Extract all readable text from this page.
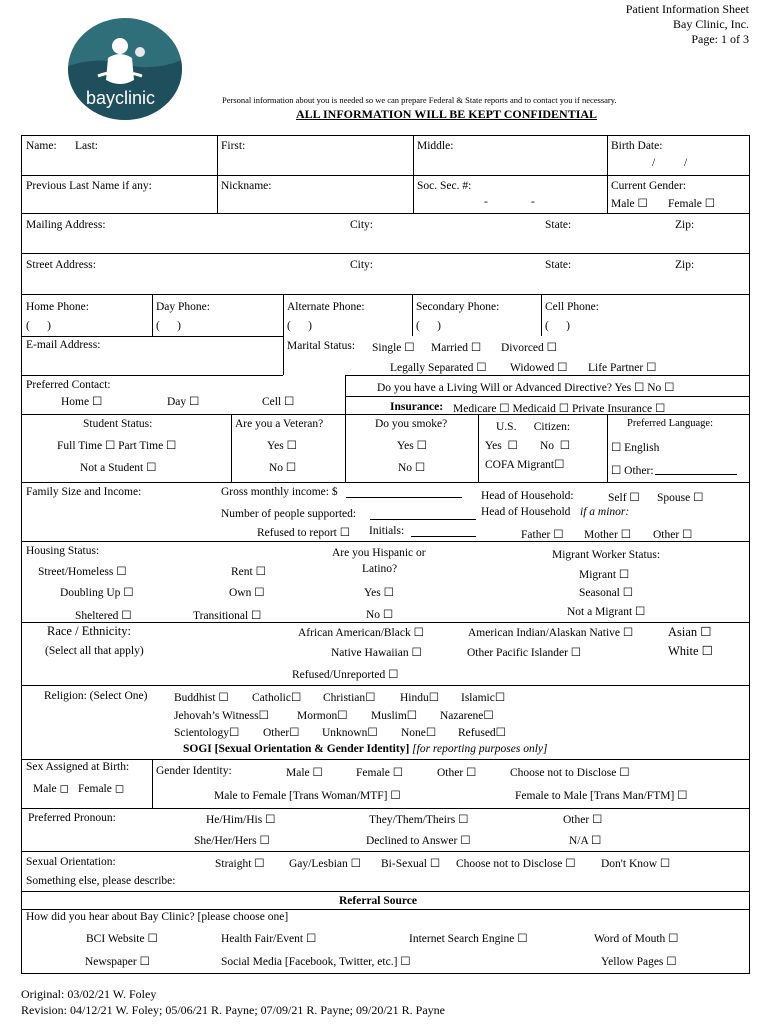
bayclinic
Patient Information Sheet
Bay Clinic, Inc.
Page: 1 of 3
Personal information about you is needed so we can prepare Federal & State reports and to contact you if necessary.
ALL INFORMATION WILL BE KEPT CONFIDENTIAL
Name: Last:	First:	Middle:	Birth Date:
/          /
Previous Last Name if any:	Nickname:	Soc. Sec. #:
-               -
Current Gender:
Male ☐ Female ☐
Mailing Address:	City:	State:	Zip:
Street Address:	City:	State:	Zip:
Home Phone:
(      )
Day Phone:
(      )
Alternate Phone:
(      )
Secondary Phone:
(      )
Cell Phone:
(      )
E-mail Address:	Marital Status: Single ☐ Married ☐ Divorced ☐
Legally Separated ☐ Widowed ☐ Life Partner ☐
Preferred Contact:
Home ☐	Day ☐	Cell ☐
Do you have a Living Will or Advanced Directive? Yes ☐ No ☐
Insurance: Medicare ☐ Medicaid ☐ Private Insurance ☐
Student Status:
Full Time ☐ Part Time ☐
Not a Student ☐
Are you a Veteran?
Yes ☐
No ☐
Do you smoke?
Yes ☐
No ☐
U.S.      Citizen:
Yes  ☐ No  ☐
COFA Migrant☐
Preferred Language:
☐ English
☐ Other:
Family Size and Income:	Gross monthly income: $
Number of people supported:
Refused to report ☐ Initials:
Head of Household:	Self ☐ Spouse ☐
Head of Household if a minor:
Father ☐ Mother ☐ Other ☐
Housing Status:
Street/Homeless ☐	Rent ☐
Doubling Up ☐	Own ☐
Sheltered ☐	Transitional ☐
Are you Hispanic or
Latino?
Yes ☐
No ☐
Migrant Worker Status:
Migrant ☐
Seasonal ☐
Not a Migrant ☐
Race / Ethnicity:
(Select all that apply)
African American/Black ☐	American Indian/Alaskan Native ☐	Asian ☐
Native Hawaiian ☐	Other Pacific Islander ☐	White ☐
Refused/Unreported ☐
Religion: (Select One) Buddhist ☐ Catholic☐ Christian☐ Hindu☐ Islamic☐
Jehovah’s Witness☐ Mormon☐ Muslim☐ Nazarene☐
Scientology☐ Other☐ Unknown☐ None☐ Refused☐
SOGI [Sexual Orientation & Gender Identity] [for reporting purposes only]
Sex Assigned at Birth:
Male ◻ Female ◻
Gender Identity:	Male ☐	Female ☐	Other ☐	Choose not to Disclose ☐
Male to Female [Trans Woman/MTF] ☐	Female to Male [Trans Man/FTM] ☐
Preferred Pronoun:	He/Him/His ☐	They/Them/Theirs ☐	Other ☐
She/Her/Hers ☐	Declined to Answer ☐	N/A ☐
Sexual Orientation:	Straight ☐ Gay/Lesbian ☐ Bi-Sexual ☐ Choose not to Disclose ☐ Don't Know ☐
Something else, please describe:
Referral Source
How did you hear about Bay Clinic? [please choose one]
BCI Website ☐	Health Fair/Event ☐	Internet Search Engine ☐	Word of Mouth ☐
Newspaper ☐	Social Media [Facebook, Twitter, etc.] ☐	Yellow Pages ☐
Original: 03/02/21 W. Foley
Revision: 04/12/21 W. Foley; 05/06/21 R. Payne; 07/09/21 R. Payne; 09/20/21 R. Payne
